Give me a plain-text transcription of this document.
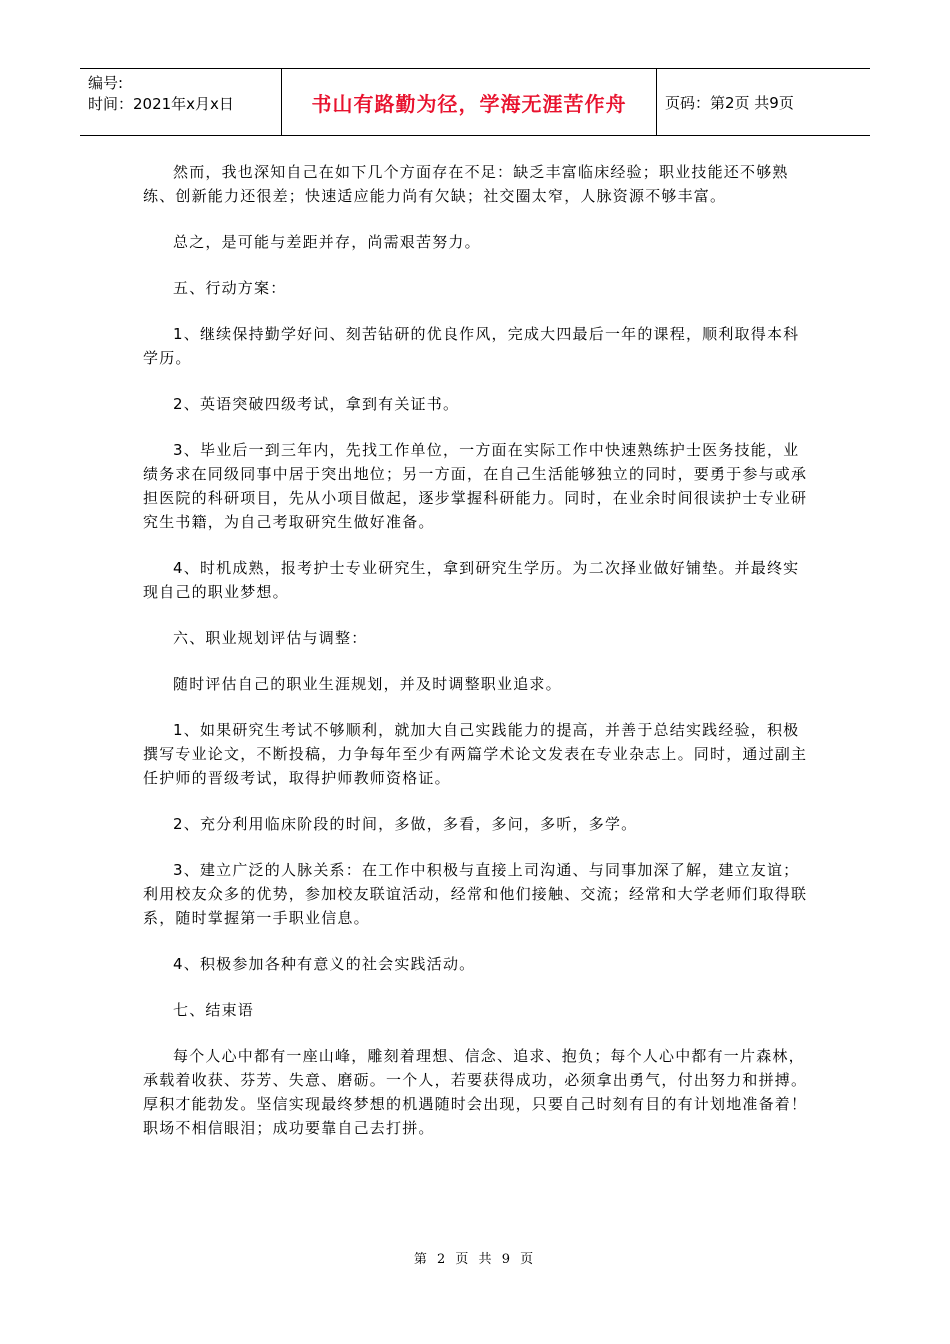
编号:
时间：2021年x月x日	书山有路勤为径，学海无涯苦作舟	页码：第2页 共9页

然而，我也深知自己在如下几个方面存在不足：缺乏丰富临床经验；职业技能还不够熟练、创新能力还很差；快速适应能力尚有欠缺；社交圈太窄，人脉资源不够丰富。

总之，是可能与差距并存，尚需艰苦努力。

五、行动方案：

1、继续保持勤学好问、刻苦钻研的优良作风，完成大四最后一年的课程，顺利取得本科学历。

2、英语突破四级考试，拿到有关证书。

3、毕业后一到三年内，先找工作单位，一方面在实际工作中快速熟练护士医务技能，业绩务求在同级同事中居于突出地位；另一方面，在自己生活能够独立的同时，要勇于参与或承担医院的科研项目，先从小项目做起，逐步掌握科研能力。同时，在业余时间很读护士专业研究生书籍，为自己考取研究生做好准备。

4、时机成熟，报考护士专业研究生，拿到研究生学历。为二次择业做好铺垫。并最终实现自己的职业梦想。

六、职业规划评估与调整：

随时评估自己的职业生涯规划，并及时调整职业追求。

1、如果研究生考试不够顺利，就加大自己实践能力的提高，并善于总结实践经验，积极撰写专业论文，不断投稿，力争每年至少有两篇学术论文发表在专业杂志上。同时，通过副主任护师的晋级考试，取得护师教师资格证。

2、充分利用临床阶段的时间，多做，多看，多问，多听，多学。

3、建立广泛的人脉关系：在工作中积极与直接上司沟通、与同事加深了解，建立友谊；利用校友众多的优势，参加校友联谊活动，经常和他们接触、交流；经常和大学老师们取得联系，随时掌握第一手职业信息。

4、积极参加各种有意义的社会实践活动。

七、结束语

每个人心中都有一座山峰，雕刻着理想、信念、追求、抱负；每个人心中都有一片森林，承载着收获、芬芳、失意、磨砺。一个人，若要获得成功，必须拿出勇气，付出努力和拼搏。厚积才能勃发。坚信实现最终梦想的机遇随时会出现，只要自己时刻有目的有计划地准备着！职场不相信眼泪；成功要靠自己去打拼。

第 2 页 共 9 页
